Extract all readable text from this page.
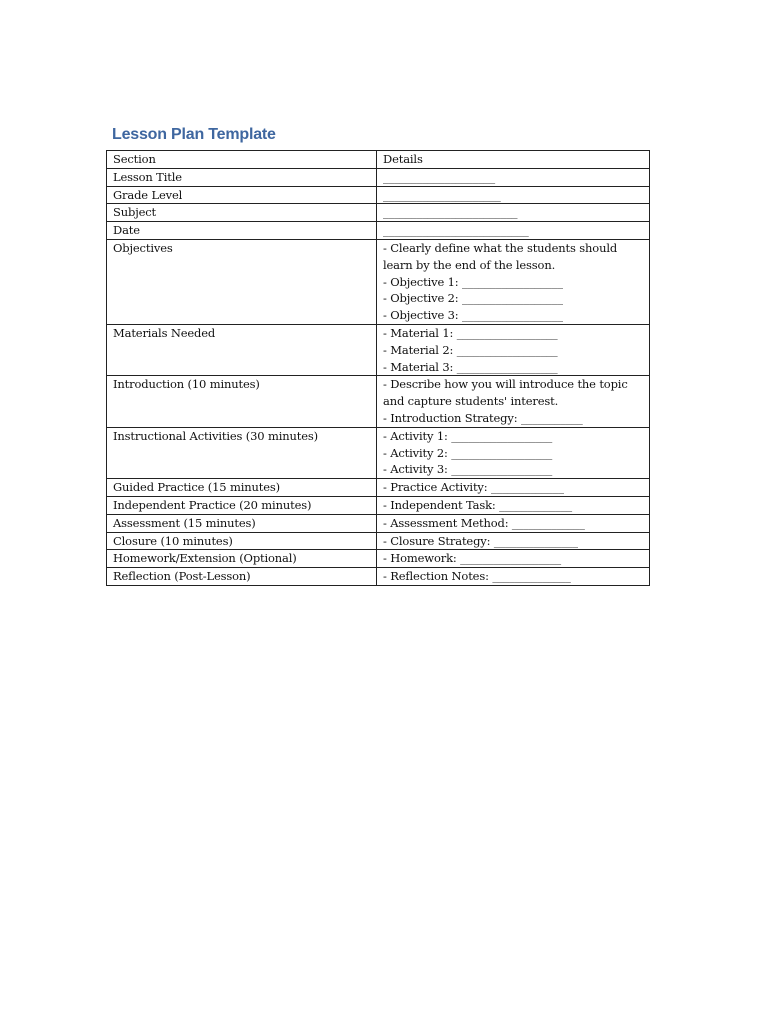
Lesson Plan Template
Section	Details
Lesson Title	____________________

Grade Level	_____________________

Subject	________________________

Date	__________________________

Objectives	- Clearly define what the students should
learn by the end of the lesson.
- Objective 1: __________________
- Objective 2: __________________
- Objective 3: __________________

Materials Needed	- Material 1: __________________
- Material 2: __________________
- Material 3: __________________

Introduction (10 minutes)	- Describe how you will introduce the topic
and capture students' interest.
- Introduction Strategy: ___________

Instructional Activities (30 minutes)	- Activity 1: __________________
- Activity 2: __________________
- Activity 3: __________________

Guided Practice (15 minutes)	- Practice Activity: _____________

Independent Practice (20 minutes)	- Independent Task: _____________

Assessment (15 minutes)	- Assessment Method: _____________

Closure (10 minutes)	- Closure Strategy: _______________

Homework/Extension (Optional)	- Homework: __________________

Reflection (Post-Lesson)	- Reflection Notes: ______________
